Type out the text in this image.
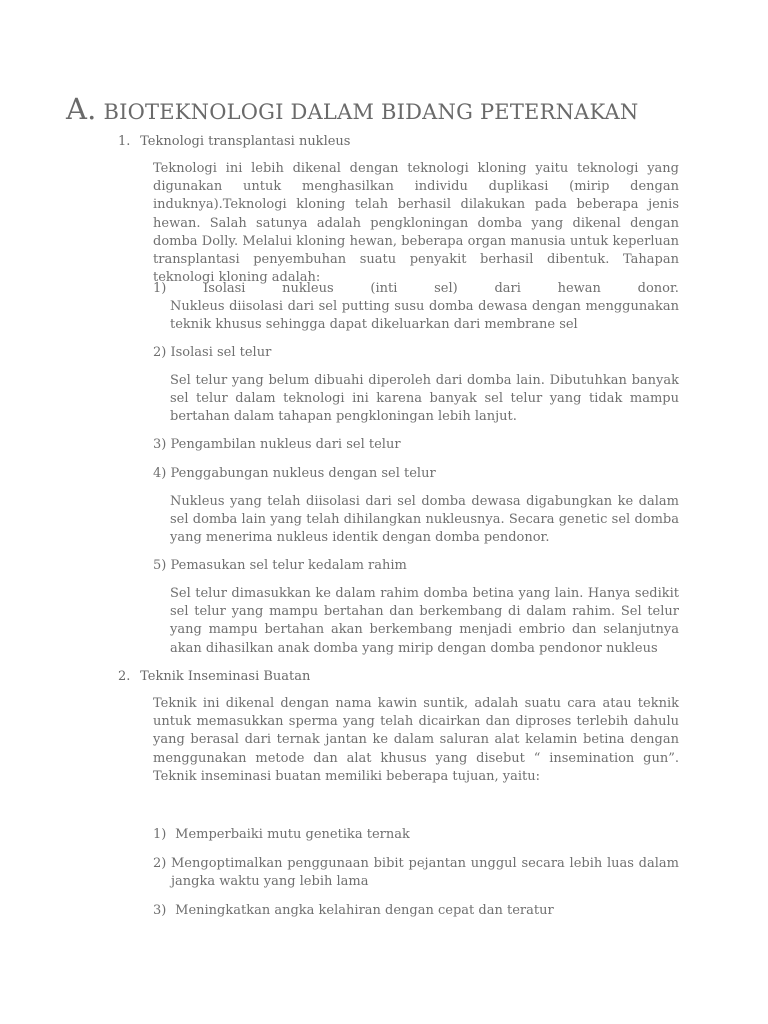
A. BIOTEKNOLOGI DALAM BIDANG PETERNAKAN
1. Teknologi transplantasi nukleus

Teknologi ini lebih dikenal dengan teknologi kloning yaitu teknologi yang digunakan untuk menghasilkan individu duplikasi (mirip dengan induknya).Teknologi kloning telah berhasil dilakukan pada beberapa jenis hewan. Salah satunya adalah pengkloningan domba yang dikenal dengan domba Dolly. Melalui kloning hewan, beberapa organ manusia untuk keperluan transplantasi penyembuhan suatu penyakit berhasil dibentuk. Tahapan teknologi kloning adalah:

1)	Isolasi	nukleus	(inti	sel)	dari	hewan	donor.

Nukleus diisolasi dari sel putting susu domba dewasa dengan menggunakan teknik khusus sehingga dapat dikeluarkan dari membrane sel

2) Isolasi sel telur

Sel telur yang belum dibuahi diperoleh dari domba lain. Dibutuhkan banyak sel telur dalam teknologi ini karena banyak sel telur yang tidak mampu bertahan dalam tahapan pengkloningan lebih lanjut.

3) Pengambilan nukleus dari sel telur
4) Penggabungan nukleus dengan sel telur

Nukleus yang telah diisolasi dari sel domba dewasa digabungkan ke dalam sel domba lain yang telah dihilangkan nukleusnya. Secara genetic sel domba yang menerima nukleus identik dengan domba pendonor.

5) Pemasukan sel telur kedalam rahim

Sel telur dimasukkan ke dalam rahim domba betina yang lain. Hanya sedikit sel telur yang mampu bertahan dan berkembang di dalam rahim. Sel telur yang mampu bertahan akan berkembang menjadi embrio dan selanjutnya akan dihasilkan anak domba yang mirip dengan domba pendonor nukleus

2. Teknik Inseminasi Buatan

Teknik ini dikenal dengan nama kawin suntik, adalah suatu cara atau teknik untuk memasukkan sperma yang telah dicairkan dan diproses terlebih dahulu yang berasal dari ternak jantan ke dalam saluran alat kelamin betina dengan menggunakan metode dan alat khusus yang disebut “ insemination gun”. Teknik inseminasi buatan memiliki beberapa tujuan, yaitu:

1) Memperbaiki mutu genetika ternak
2) Mengoptimalkan penggunaan bibit pejantan unggul secara lebih luas dalam jangka waktu yang lebih lama
3) Meningkatkan angka kelahiran dengan cepat dan teratur
